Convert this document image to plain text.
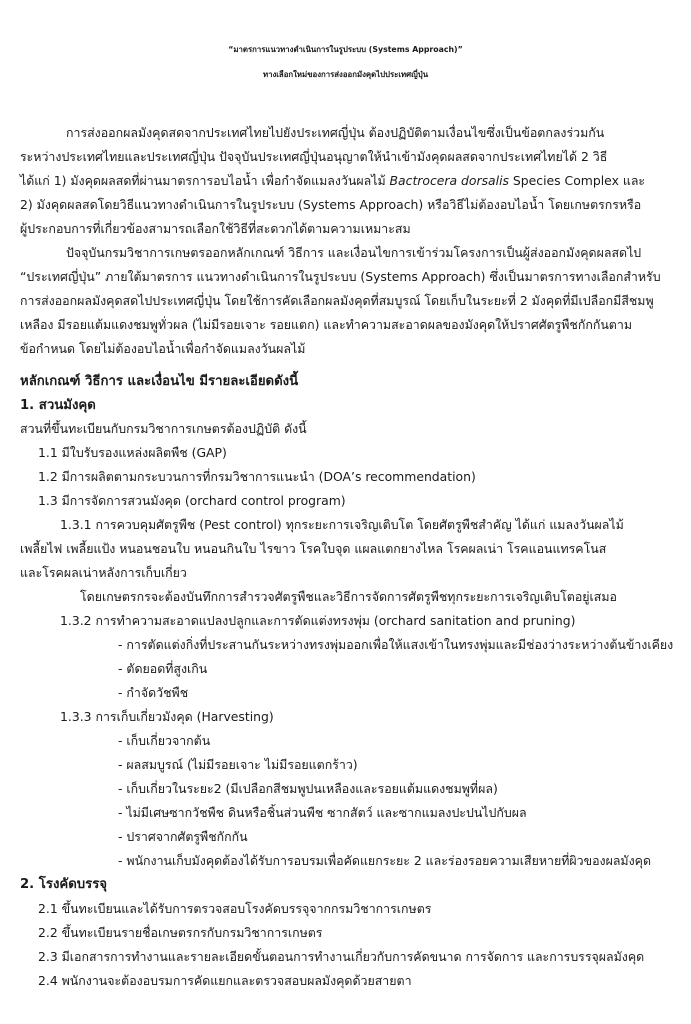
“มาตรการแนวทางดำเนินการในรูประบบ (Systems Approach)”
ทางเลือกใหม่ของการส่งออกมังคุดไปประเทศญี่ปุ่น
การส่งออกผลมังคุดสดจากประเทศไทยไปยังประเทศญี่ปุ่น ต้องปฏิบัติตามเงื่อนไขซึ่งเป็นข้อตกลงร่วมกัน
ระหว่างประเทศไทยและประเทศญี่ปุ่น ปัจจุบันประเทศญี่ปุ่นอนุญาตให้นำเข้ามังคุดผลสดจากประเทศไทยได้ 2 วิธี
ได้แก่ 1) มังคุดผลสดที่ผ่านมาตรการอบไอน้ำ เพื่อกำจัดแมลงวันผลไม้ Bactrocera dorsalis Species Complex และ
2) มังคุดผลสดโดยวิธีแนวทางดำเนินการในรูประบบ (Systems Approach) หรือวิธีไม่ต้องอบไอน้ำ โดยเกษตรกรหรือ
ผู้ประกอบการที่เกี่ยวข้องสามารถเลือกใช้วิธีที่สะดวกได้ตามความเหมาะสม
ปัจจุบันกรมวิชาการเกษตรออกหลักเกณฑ์ วิธีการ และเงื่อนไขการเข้าร่วมโครงการเป็นผู้ส่งออกมังคุดผลสดไป
“ประเทศญี่ปุ่น” ภายใต้มาตรการ แนวทางดำเนินการในรูประบบ (Systems Approach) ซึ่งเป็นมาตรการทางเลือกสำหรับ
การส่งออกผลมังคุดสดไปประเทศญี่ปุ่น โดยใช้การคัดเลือกผลมังคุดที่สมบูรณ์ โดยเก็บในระยะที่ 2 มังคุดที่มีเปลือกมีสีชมพู
เหลือง มีรอยแต้มแดงชมพูทั่วผล (ไม่มีรอยเจาะ รอยแตก) และทำความสะอาดผลของมังคุดให้ปราศศัตรูพืชกักกันตาม
ข้อกำหนด โดยไม่ต้องอบไอน้ำเพื่อกำจัดแมลงวันผลไม้
หลักเกณฑ์ วิธีการ และเงื่อนไข มีรายละเอียดดังนี้
1. สวนมังคุด
สวนที่ขึ้นทะเบียนกับกรมวิชาการเกษตรต้องปฏิบัติ ดังนี้
1.1 มีใบรับรองแหล่งผลิตพืช (GAP)
1.2 มีการผลิตตามกระบวนการที่กรมวิชาการแนะนำ (DOA’s recommendation)
1.3 มีการจัดการสวนมังคุด (orchard control program)
1.3.1 การควบคุมศัตรูพืช (Pest control) ทุกระยะการเจริญเติบโต โดยศัตรูพืชสำคัญ ได้แก่ แมลงวันผลไม้
เพลี้ยไฟ เพลี้ยแป้ง หนอนชอนใบ หนอนกินใบ ไรขาว โรคใบจุด แผลแตกยางไหล โรคผลเน่า โรคแอนแทรคโนส
และโรคผลเน่าหลังการเก็บเกี่ยว
โดยเกษตรกรจะต้องบันทึกการสำรวจศัตรูพืชและวิธีการจัดการศัตรูพืชทุกระยะการเจริญเติบโตอยู่เสมอ
1.3.2 การทำความสะอาดแปลงปลูกและการตัดแต่งทรงพุ่ม (orchard sanitation and pruning)
- การตัดแต่งกิ่งที่ประสานกันระหว่างทรงพุ่มออกเพื่อให้แสงเข้าในทรงพุ่มและมีช่องว่างระหว่างต้นข้างเคียง
- ตัดยอดที่สูงเกิน
- กำจัดวัชพืช
1.3.3 การเก็บเกี่ยวมังคุด (Harvesting)
- เก็บเกี่ยวจากต้น
- ผลสมบูรณ์ (ไม่มีรอยเจาะ ไม่มีรอยแตกร้าว)
- เก็บเกี่ยวในระยะ2 (มีเปลือกสีชมพูปนเหลืองและรอยแต้มแดงชมพูที่ผล)
- ไม่มีเศษซากวัชพืช ดินหรือชิ้นส่วนพืช ซากสัตว์ และซากแมลงปะปนไปกับผล
- ปราศจากศัตรูพืชกักกัน
- พนักงานเก็บมังคุดต้องได้รับการอบรมเพื่อคัดแยกระยะ 2 และร่องรอยความเสียหายที่ผิวของผลมังคุด
2. โรงคัดบรรจุ
2.1 ขึ้นทะเบียนและได้รับการตรวจสอบโรงคัดบรรจุจากกรมวิชาการเกษตร
2.2 ขึ้นทะเบียนรายชื่อเกษตรกรกับกรมวิชาการเกษตร
2.3 มีเอกสารการทำงานและรายละเอียดขั้นตอนการทำงานเกี่ยวกับการคัดขนาด การจัดการ และการบรรจุผลมังคุด
2.4 พนักงานจะต้องอบรมการคัดแยกและตรวจสอบผลมังคุดด้วยสายตา
